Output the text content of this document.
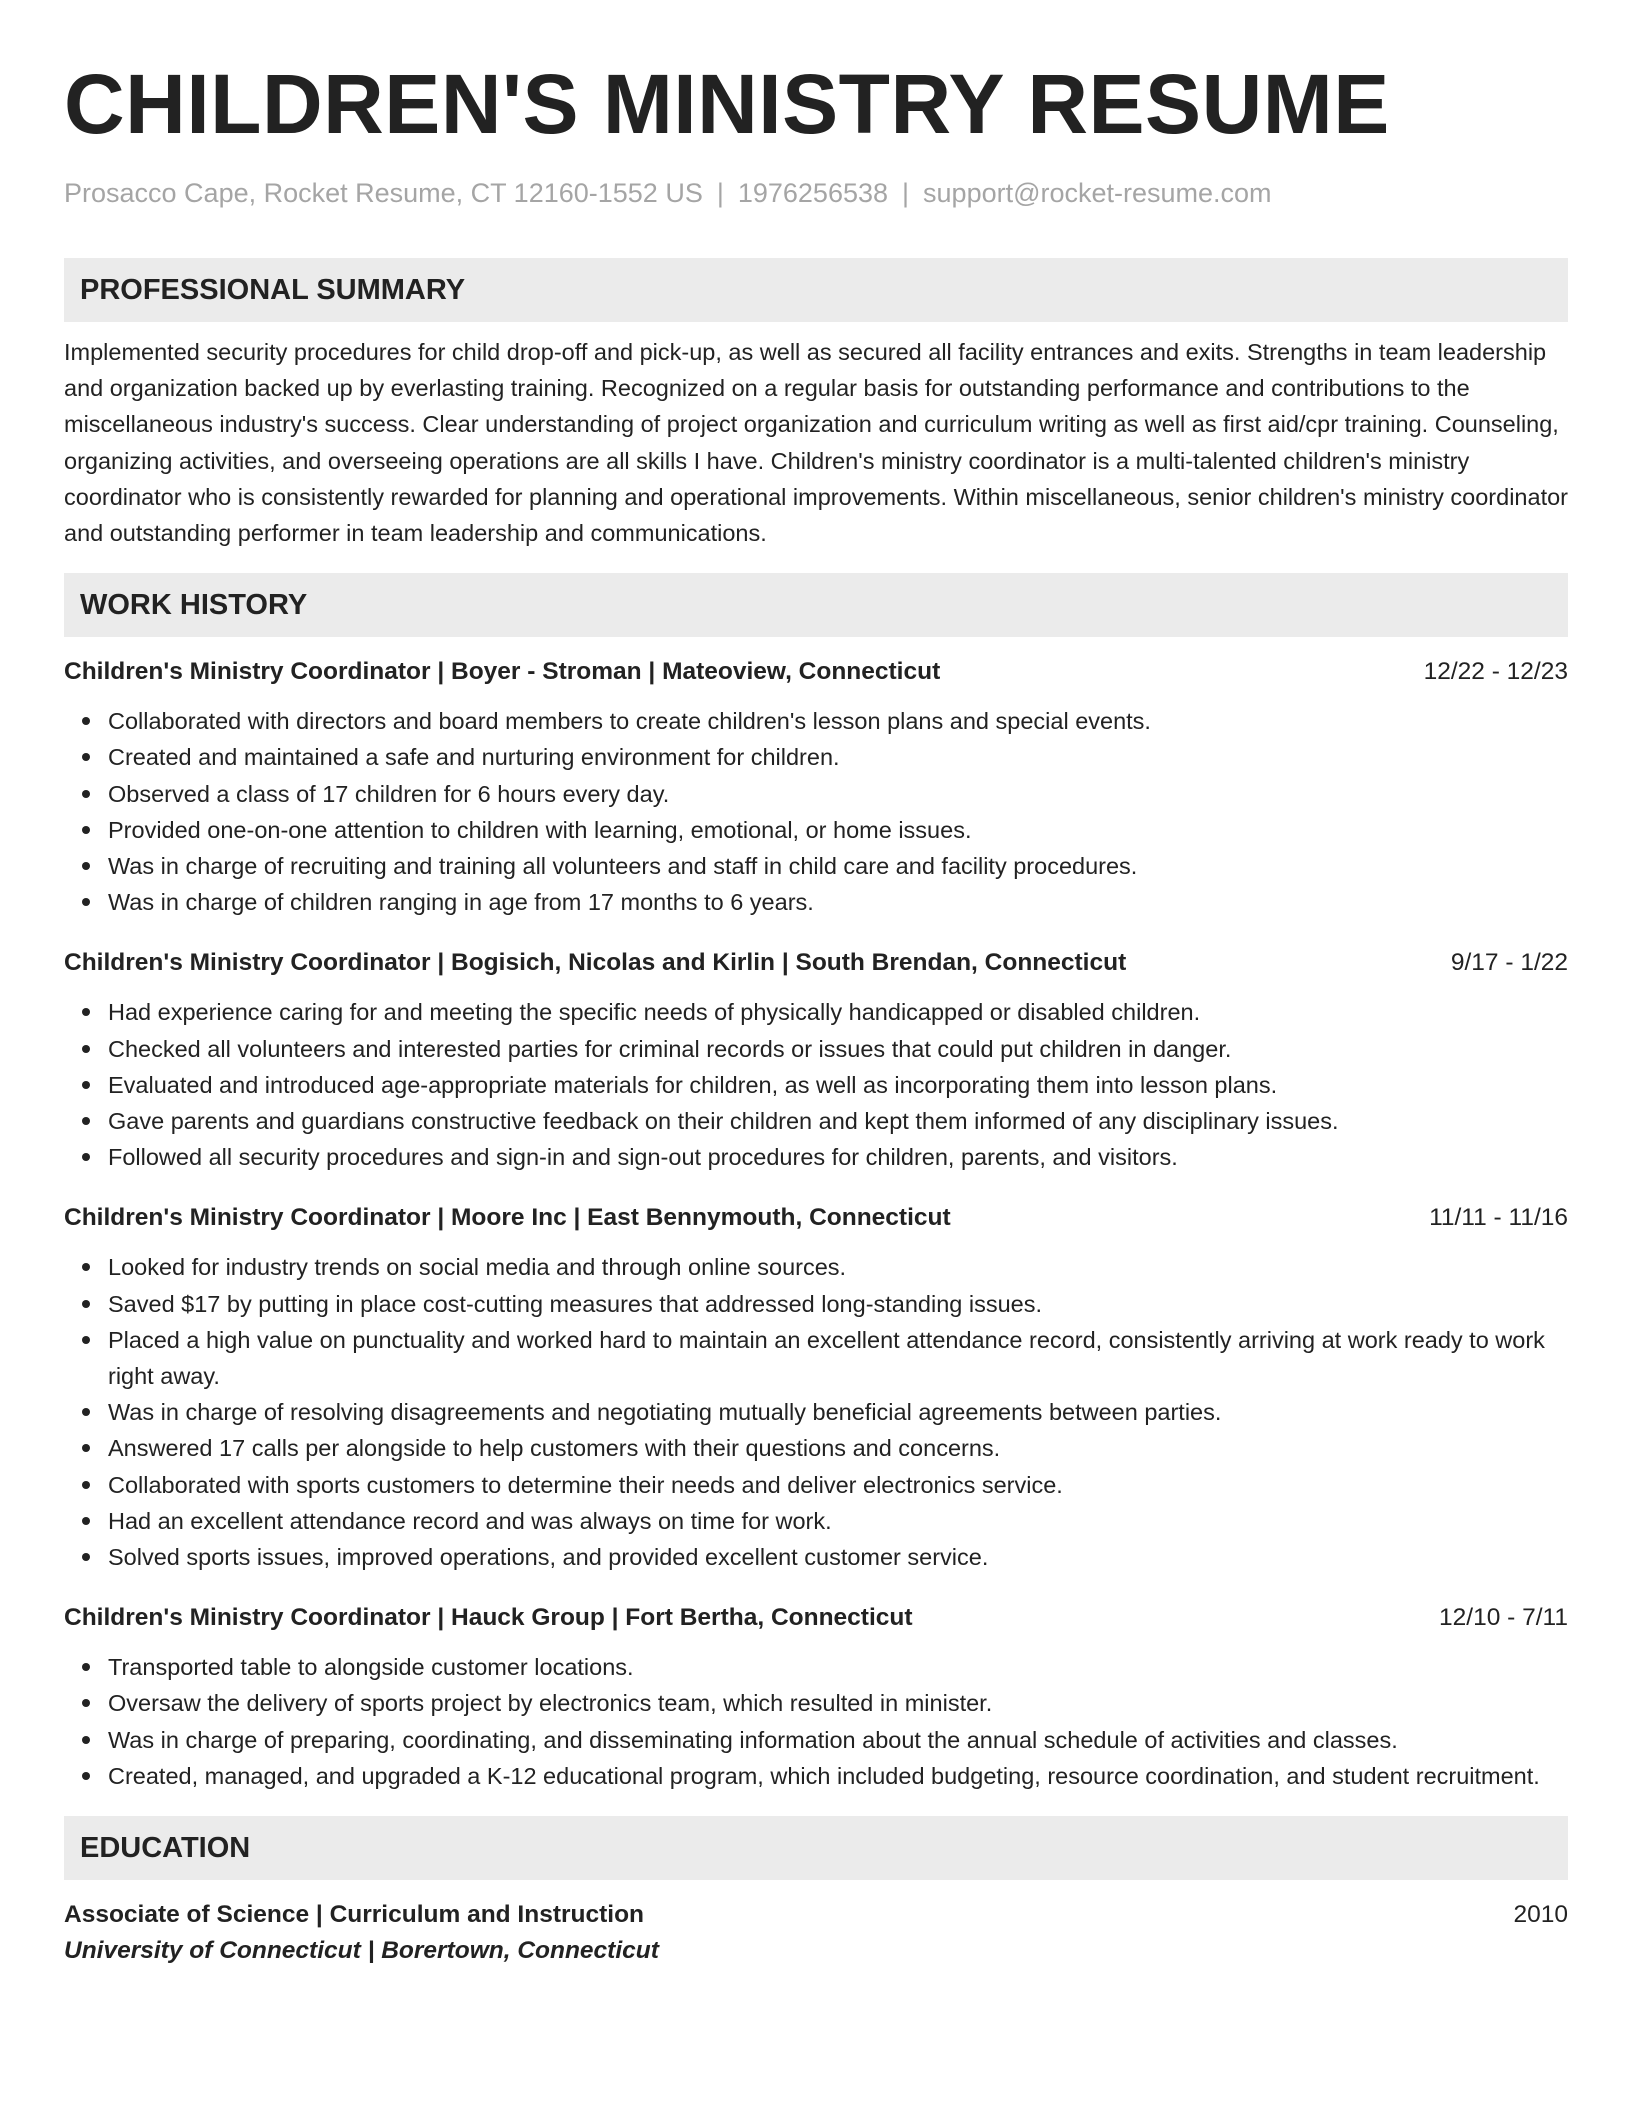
CHILDREN'S MINISTRY RESUME
Prosacco Cape, Rocket Resume, CT 12160-1552 US | 1976256538 | support@rocket-resume.com
PROFESSIONAL SUMMARY

Implemented security procedures for child drop-off and pick-up, as well as secured all facility entrances and exits. Strengths in team leadership and organization backed up by everlasting training. Recognized on a regular basis for outstanding performance and contributions to the miscellaneous industry's success. Clear understanding of project organization and curriculum writing as well as first aid/cpr training. Counseling, organizing activities, and overseeing operations are all skills I have. Children's ministry coordinator is a multi-talented children's ministry coordinator who is consistently rewarded for planning and operational improvements. Within miscellaneous, senior children's ministry coordinator and outstanding performer in team leadership and communications.

WORK HISTORY
Children's Ministry Coordinator | Boyer - Stroman | Mateoview, Connecticut	12/22 - 12/23
Collaborated with directors and board members to create children's lesson plans and special events.
Created and maintained a safe and nurturing environment for children.
Observed a class of 17 children for 6 hours every day.
Provided one-on-one attention to children with learning, emotional, or home issues.
Was in charge of recruiting and training all volunteers and staff in child care and facility procedures.
Was in charge of children ranging in age from 17 months to 6 years.
Children's Ministry Coordinator | Bogisich, Nicolas and Kirlin | South Brendan, Connecticut	9/17 - 1/22
Had experience caring for and meeting the specific needs of physically handicapped or disabled children.
Checked all volunteers and interested parties for criminal records or issues that could put children in danger.
Evaluated and introduced age-appropriate materials for children, as well as incorporating them into lesson plans.
Gave parents and guardians constructive feedback on their children and kept them informed of any disciplinary issues.
Followed all security procedures and sign-in and sign-out procedures for children, parents, and visitors.
Children's Ministry Coordinator | Moore Inc | East Bennymouth, Connecticut	11/11 - 11/16
Looked for industry trends on social media and through online sources.
Saved $17 by putting in place cost-cutting measures that addressed long-standing issues.
Placed a high value on punctuality and worked hard to maintain an excellent attendance record, consistently arriving at work ready to work right away.
Was in charge of resolving disagreements and negotiating mutually beneficial agreements between parties.
Answered 17 calls per alongside to help customers with their questions and concerns.
Collaborated with sports customers to determine their needs and deliver electronics service.
Had an excellent attendance record and was always on time for work.
Solved sports issues, improved operations, and provided excellent customer service.
Children's Ministry Coordinator | Hauck Group | Fort Bertha, Connecticut	12/10 - 7/11
Transported table to alongside customer locations.
Oversaw the delivery of sports project by electronics team, which resulted in minister.
Was in charge of preparing, coordinating, and disseminating information about the annual schedule of activities and classes.
Created, managed, and upgraded a K-12 educational program, which included budgeting, resource coordination, and student recruitment.
EDUCATION
Associate of Science | Curriculum and Instruction	2010
University of Connecticut | Borertown, Connecticut
